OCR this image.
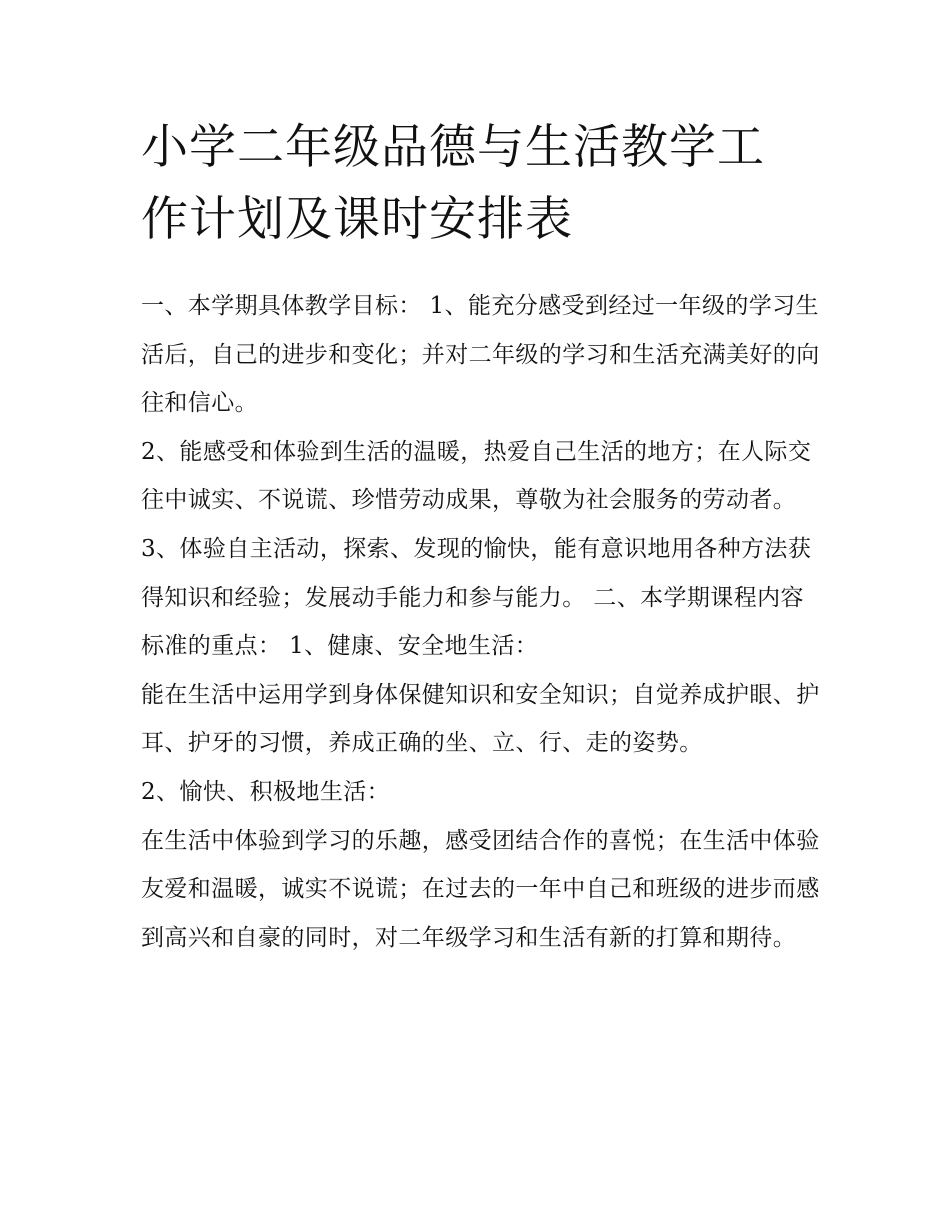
小学二年级品德与生活教学工作计划及课时安排表

一、本学期具体教学目标： 1、能充分感受到经过一年级的学习生活后，自己的进步和变化；并对二年级的学习和生活充满美好的向往和信心。

2、能感受和体验到生活的温暖，热爱自己生活的地方；在人际交往中诚实、不说谎、珍惜劳动成果，尊敬为社会服务的劳动者。

3、体验自主活动，探索、发现的愉快，能有意识地用各种方法获得知识和经验；发展动手能力和参与能力。 二、本学期课程内容标准的重点： 1、健康、安全地生活：

能在生活中运用学到身体保健知识和安全知识；自觉养成护眼、护耳、护牙的习惯，养成正确的坐、立、行、走的姿势。

2、愉快、积极地生活：

在生活中体验到学习的乐趣，感受团结合作的喜悦；在生活中体验友爱和温暖，诚实不说谎；在过去的一年中自己和班级的进步而感到高兴和自豪的同时，对二年级学习和生活有新的打算和期待。
